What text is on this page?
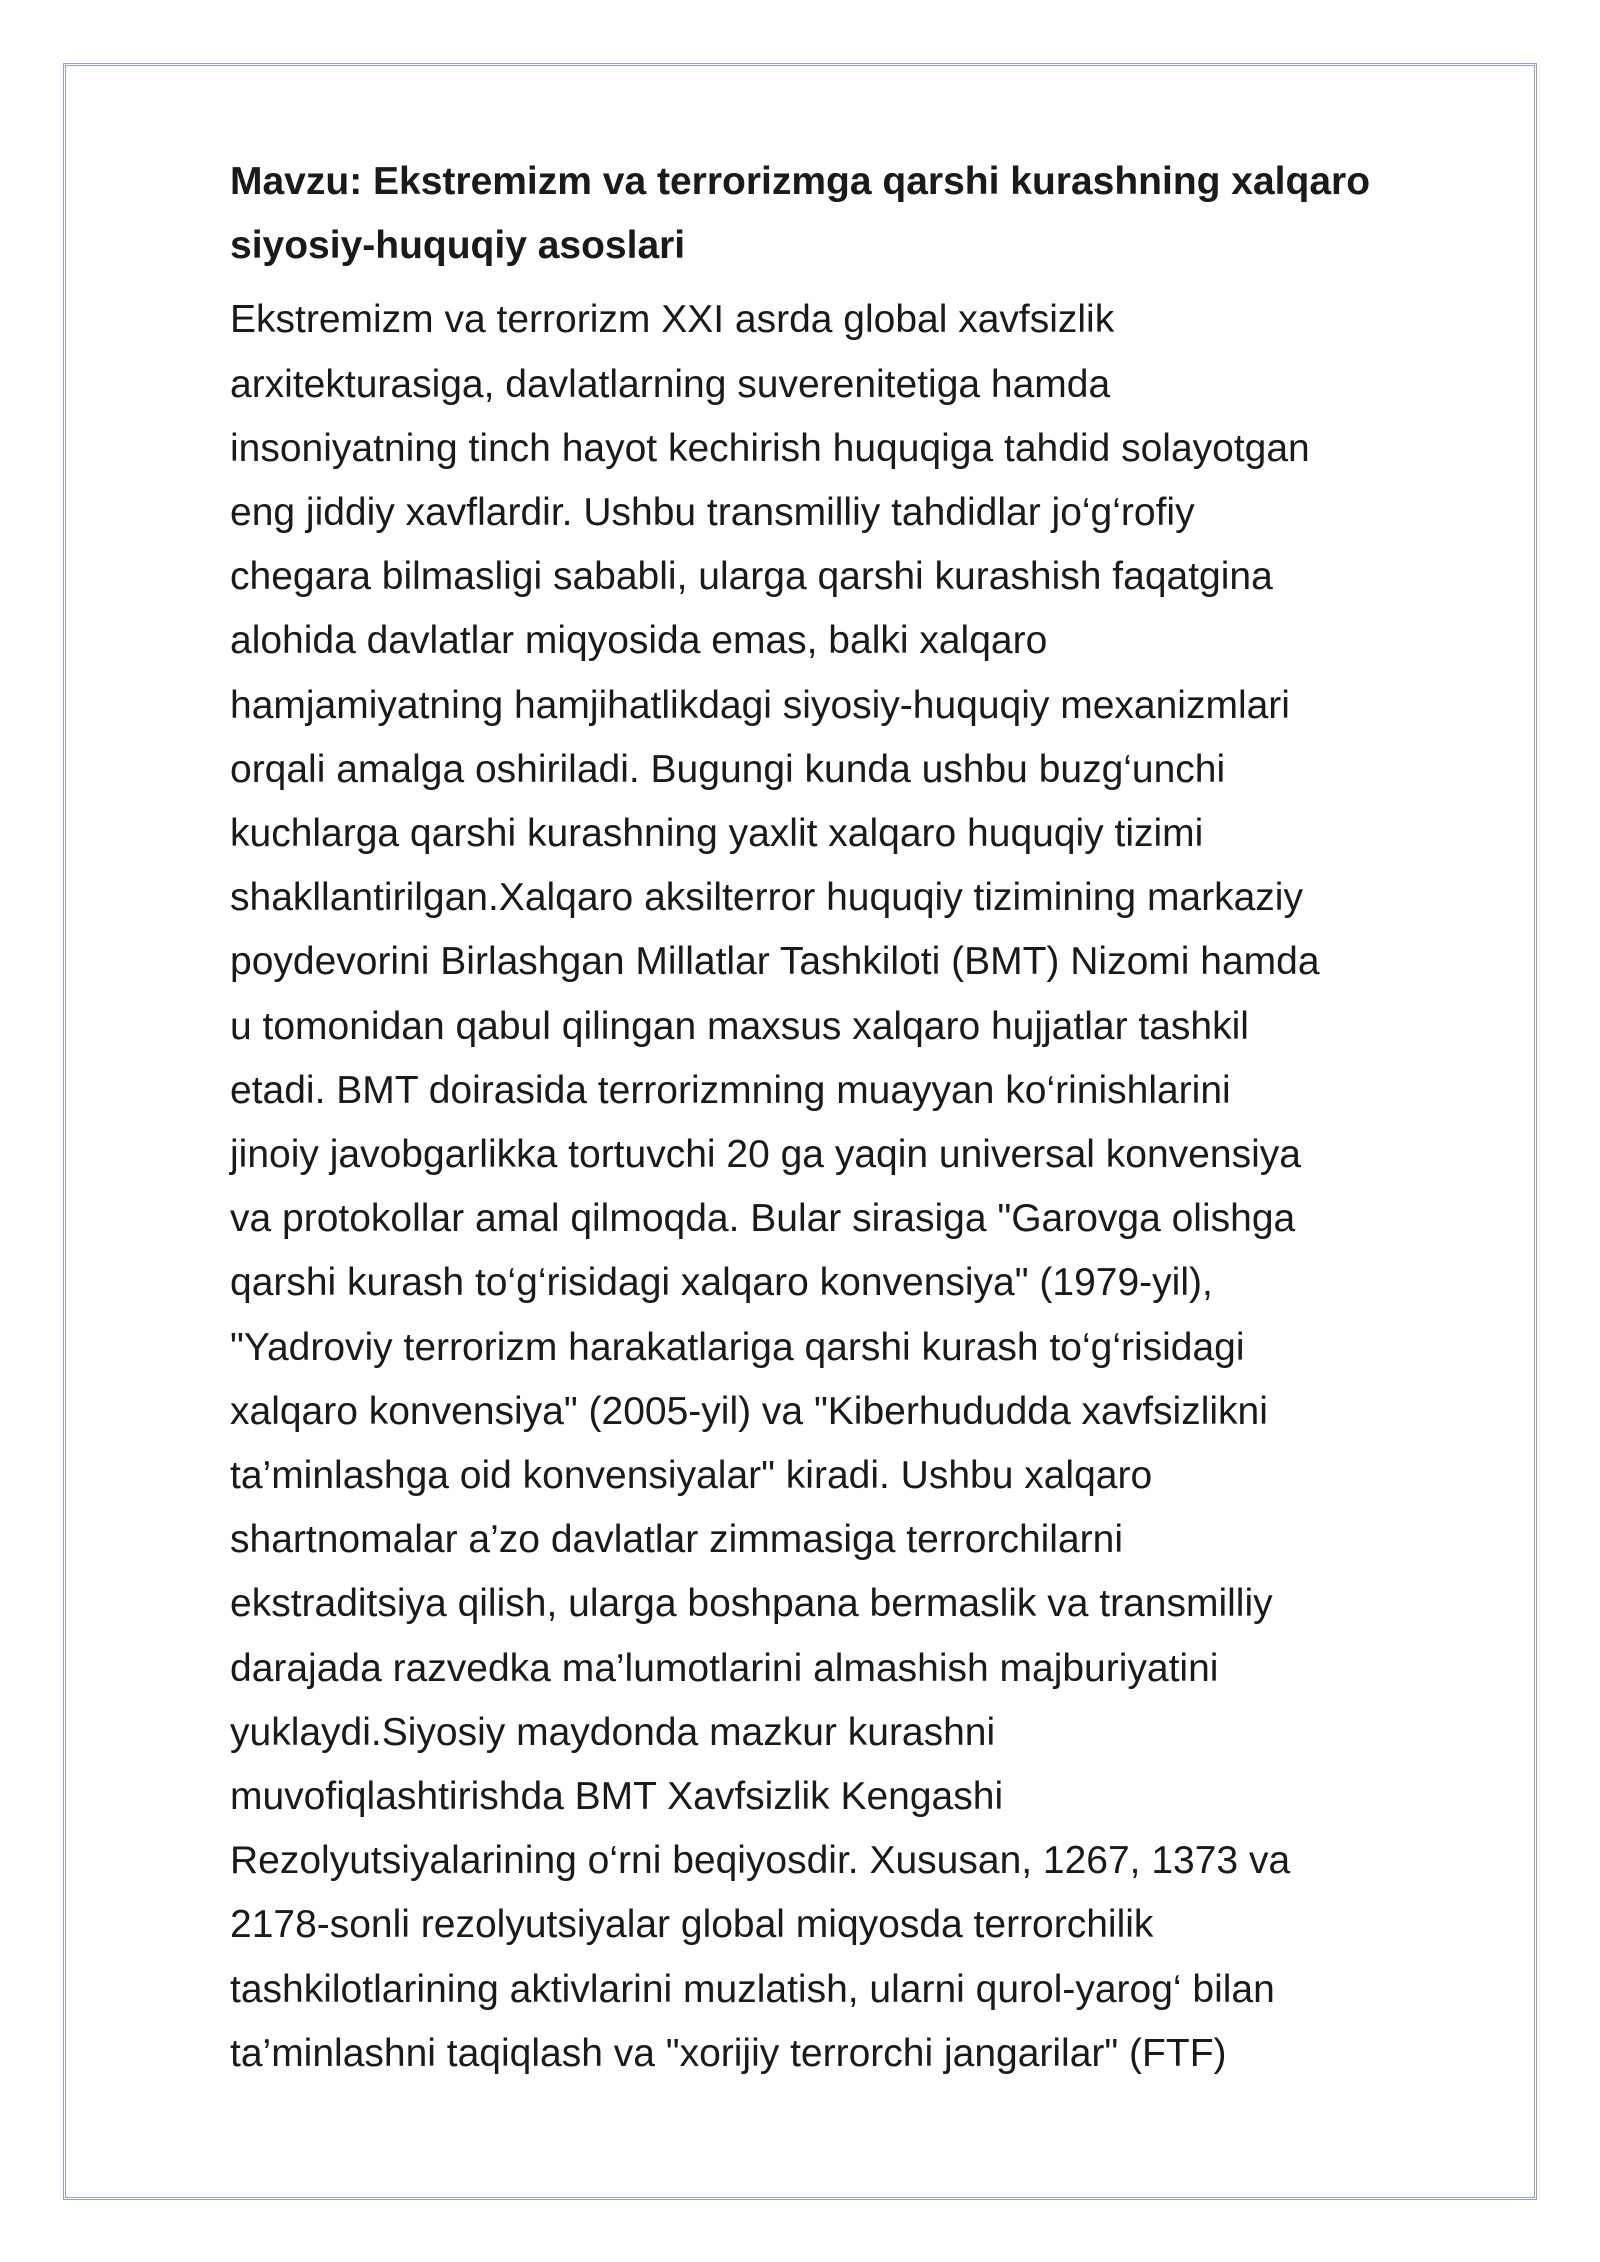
Mavzu: Ekstremizm va terrorizmga qarshi kurashning xalqaro
siyosiy-huquqiy asoslari
Ekstremizm va terrorizm XXI asrda global xavfsizlik
arxitekturasiga, davlatlarning suverenitetiga hamda
insoniyatning tinch hayot kechirish huquqiga tahdid solayotgan
eng jiddiy xavflardir. Ushbu transmilliy tahdidlar jo‘g‘rofiy
chegara bilmasligi sababli, ularga qarshi kurashish faqatgina
alohida davlatlar miqyosida emas, balki xalqaro
hamjamiyatning hamjihatlikdagi siyosiy-huquqiy mexanizmlari
orqali amalga oshiriladi. Bugungi kunda ushbu buzg‘unchi
kuchlarga qarshi kurashning yaxlit xalqaro huquqiy tizimi
shakllantirilgan.Xalqaro aksilterror huquqiy tizimining markaziy
poydevorini Birlashgan Millatlar Tashkiloti (BMT) Nizomi hamda
u tomonidan qabul qilingan maxsus xalqaro hujjatlar tashkil
etadi. BMT doirasida terrorizmning muayyan ko‘rinishlarini
jinoiy javobgarlikka tortuvchi 20 ga yaqin universal konvensiya
va protokollar amal qilmoqda. Bular sirasiga "Garovga olishga
qarshi kurash to‘g‘risidagi xalqaro konvensiya" (1979-yil),
"Yadroviy terrorizm harakatlariga qarshi kurash to‘g‘risidagi
xalqaro konvensiya" (2005-yil) va "Kiberhududda xavfsizlikni
ta’minlashga oid konvensiyalar" kiradi. Ushbu xalqaro
shartnomalar a’zo davlatlar zimmasiga terrorchilarni
ekstraditsiya qilish, ularga boshpana bermaslik va transmilliy
darajada razvedka ma’lumotlarini almashish majburiyatini
yuklaydi.Siyosiy maydonda mazkur kurashni
muvofiqlashtirishda BMT Xavfsizlik Kengashi
Rezolyutsiyalarining o‘rni beqiyosdir. Xususan, 1267, 1373 va
2178-sonli rezolyutsiyalar global miqyosda terrorchilik
tashkilotlarining aktivlarini muzlatish, ularni qurol-yarog‘ bilan
ta’minlashni taqiqlash va "xorijiy terrorchi jangarilar" (FTF)
